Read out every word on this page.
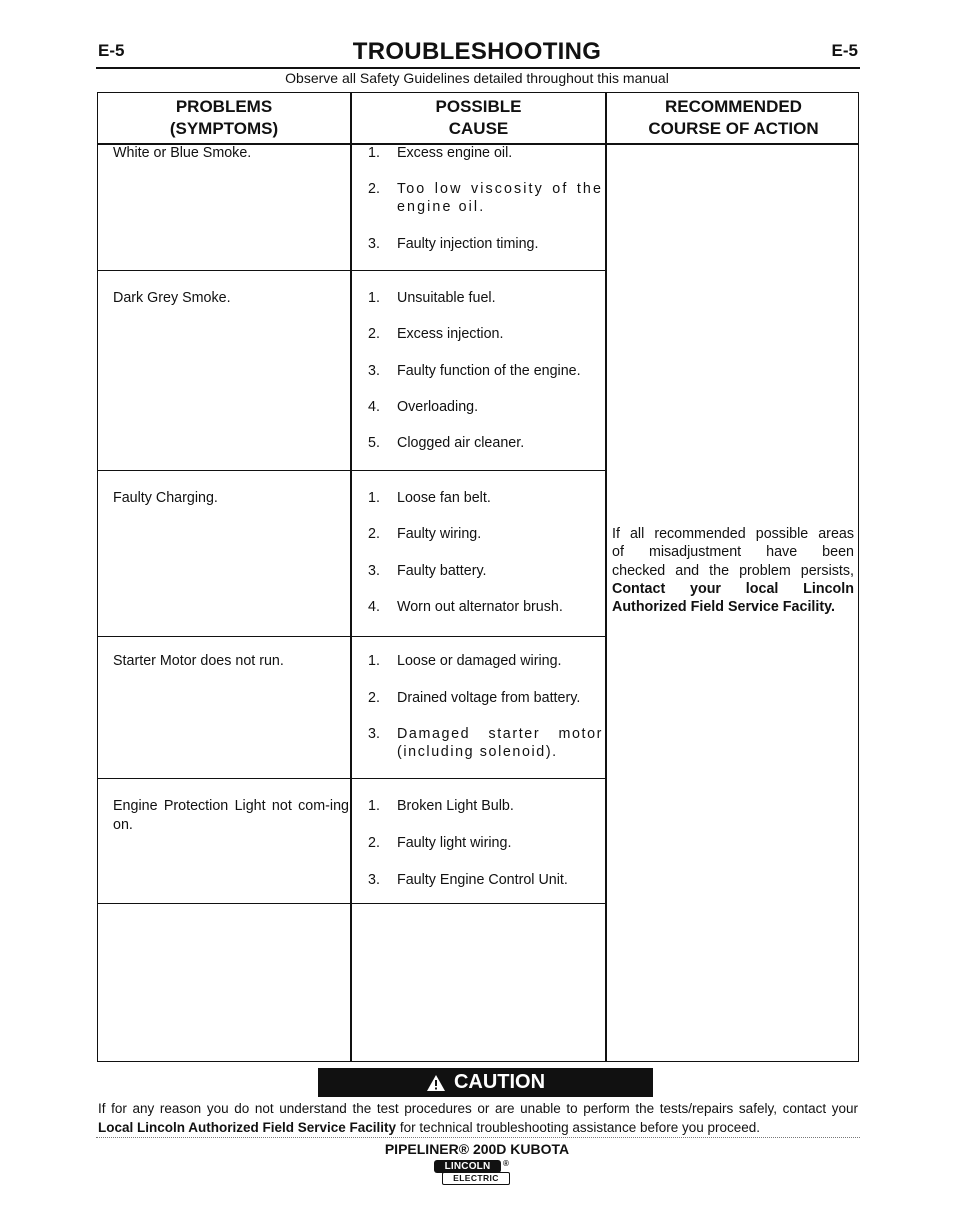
E-5	E-5
TROUBLESHOOTING
Observe all Safety Guidelines detailed throughout this manual
PROBLEMS
(SYMPTOMS)
POSSIBLE
CAUSE
RECOMMENDED
COURSE OF ACTION
White or Blue Smoke.	1. Excess engine oil.
2. Too low viscosity of the engine oil.
3. Faulty injection timing.
Dark Grey Smoke.	1. Unsuitable fuel.
2. Excess injection.
3. Faulty function of the engine.
4. Overloading.
5. Clogged air cleaner.
Faulty Charging.	1. Loose fan belt.
2. Faulty wiring.
3. Faulty battery.
4. Worn out alternator brush.
Starter Motor does not run.	1. Loose or damaged wiring.
2. Drained voltage from battery.
3. Damaged starter motor (including solenoid).
Engine Protection Light not com-ing on.
1. Broken Light Bulb.
2. Faulty light wiring.
3. Faulty Engine Control Unit.
If all recommended possible areas
of misadjustment have been
checked and the problem persists,
Contact your local Lincoln
Authorized Field Service Facility.
CAUTION
If for any reason you do not understand the test procedures or are unable to perform the tests/repairs safely, contact your Local Lincoln Authorized Field Service Facility for technical troubleshooting assistance before you proceed.
PIPELINER® 200D KUBOTA
LINCOLN	®
ELECTRIC
